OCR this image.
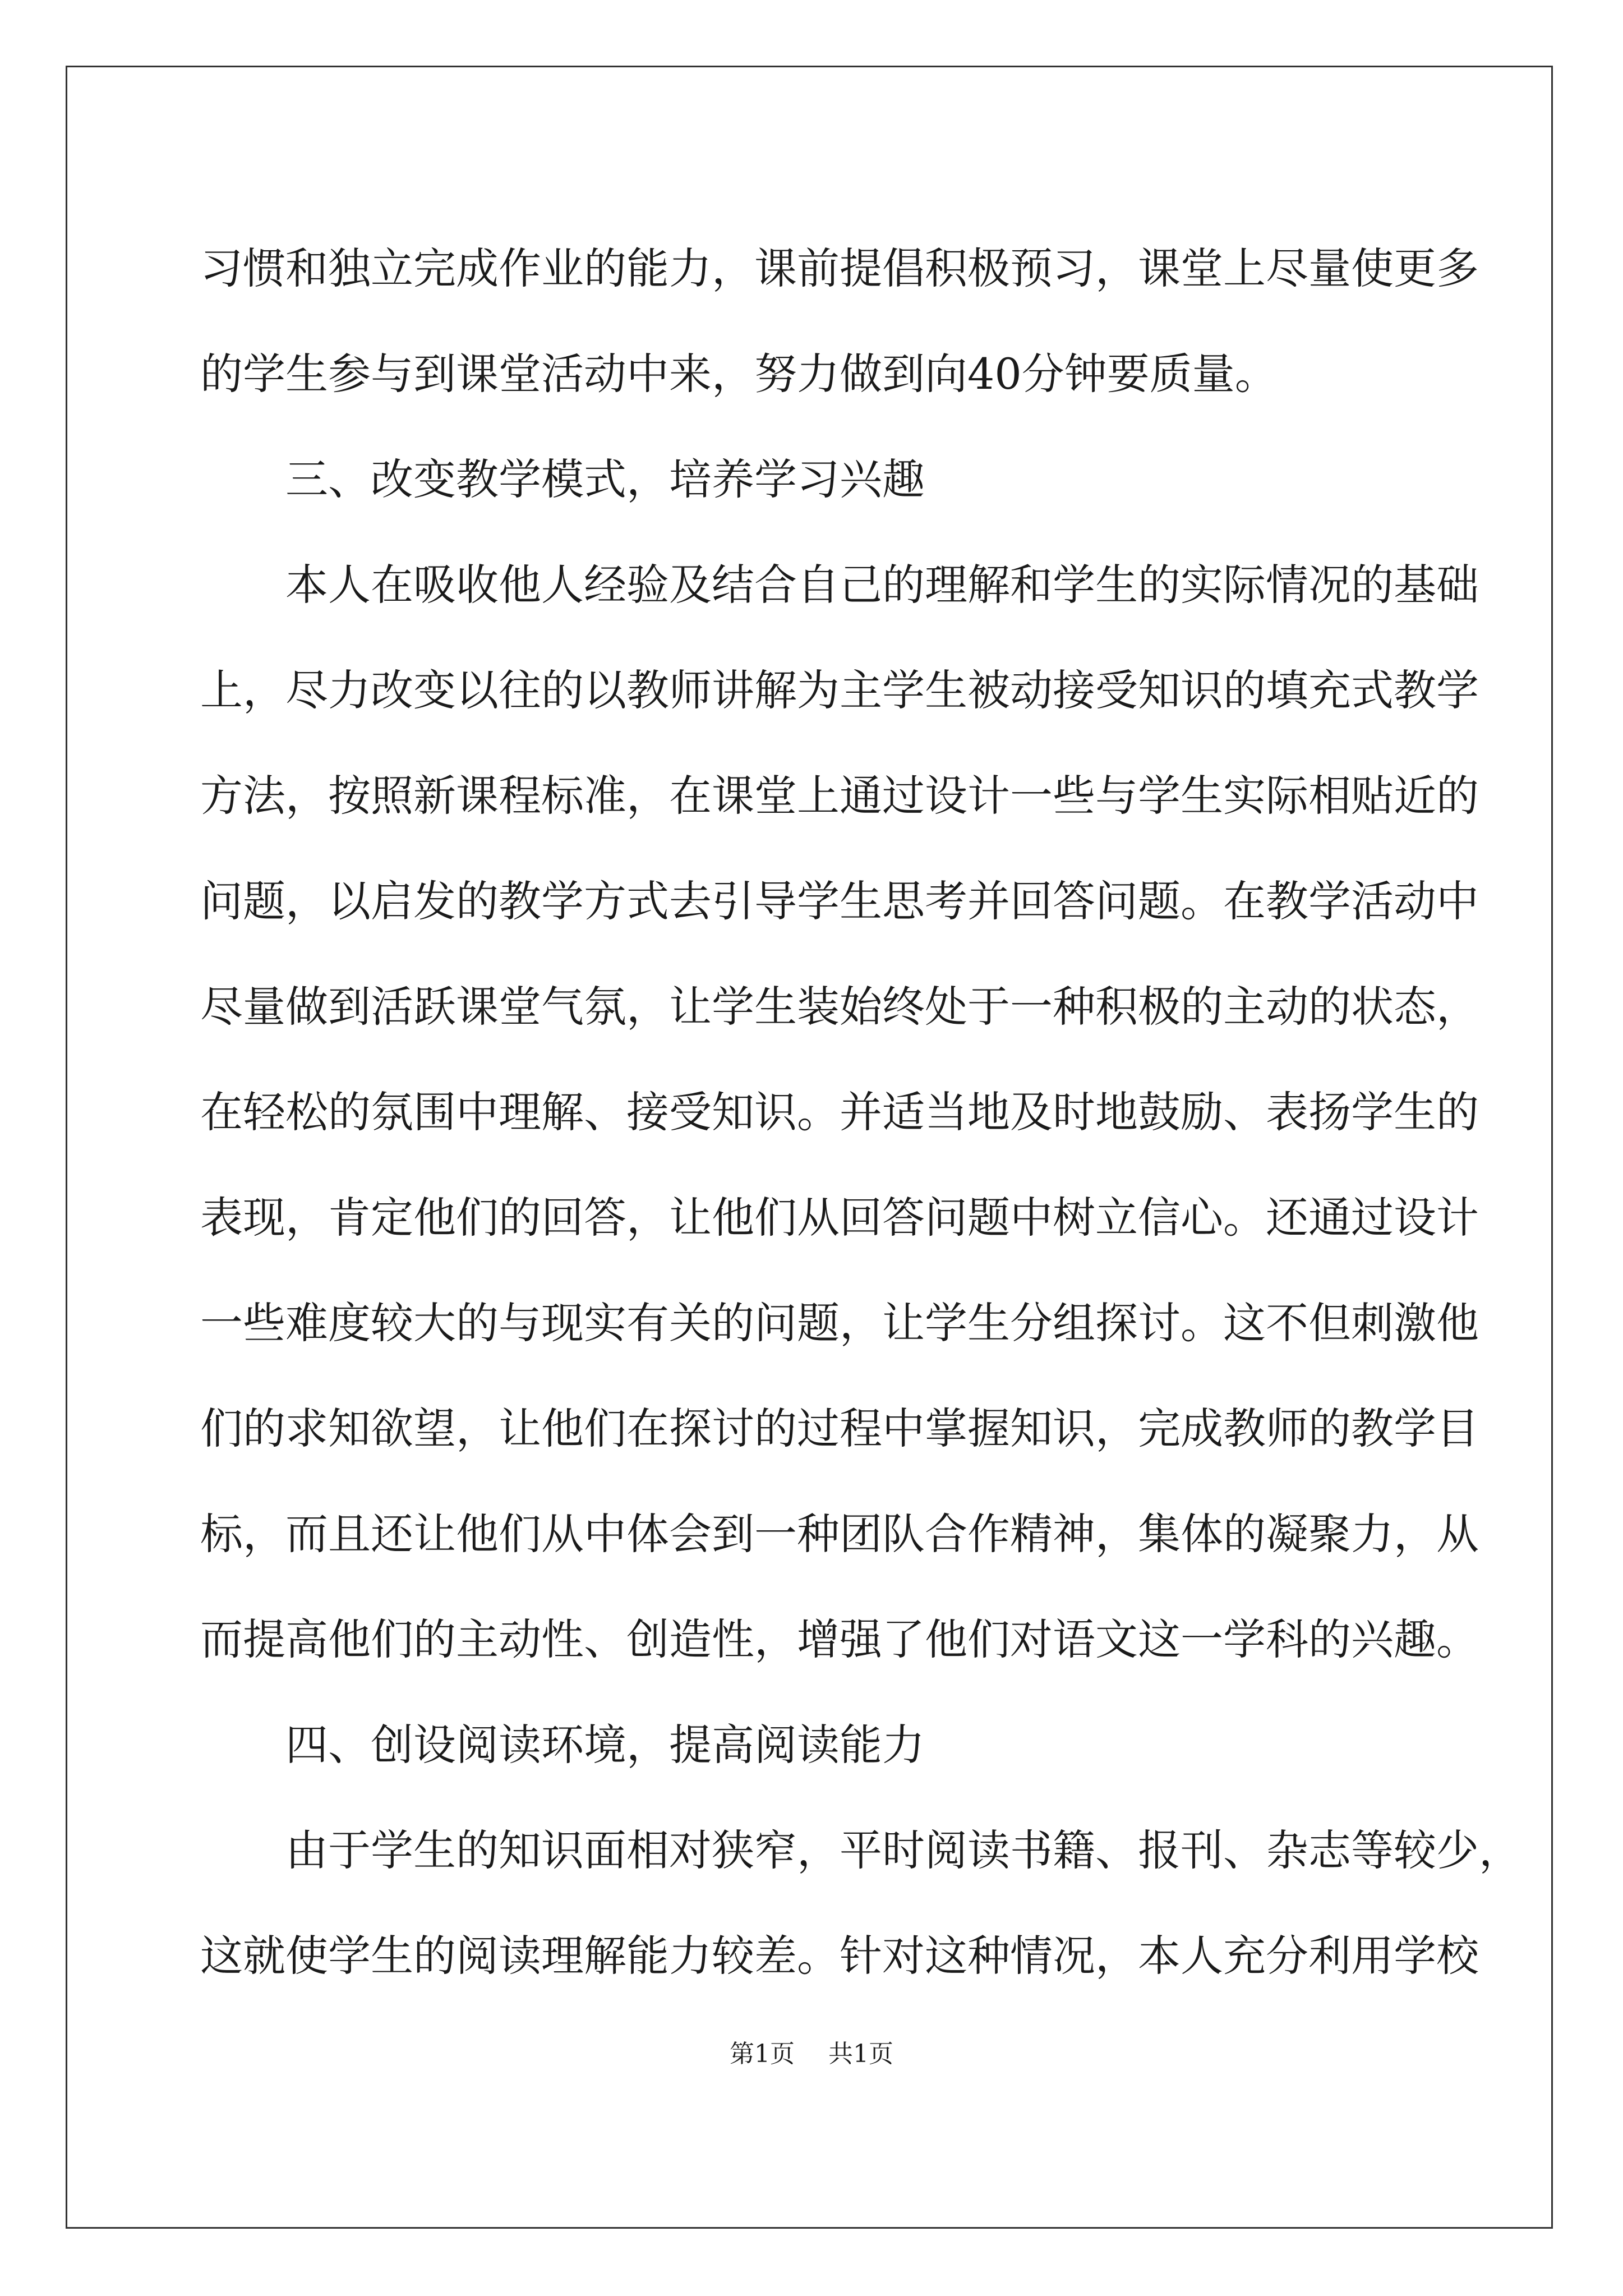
习惯和独立完成作业的能力，课前提倡积极预习，课堂上尽量使更多
的学生参与到课堂活动中来，努力做到向40分钟要质量。
三、改变教学模式，培养学习兴趣
本人在吸收他人经验及结合自己的理解和学生的实际情况的基础
上，尽力改变以往的以教师讲解为主学生被动接受知识的填充式教学
方法，按照新课程标准，在课堂上通过设计一些与学生实际相贴近的
问题，以启发的教学方式去引导学生思考并回答问题。在教学活动中
尽量做到活跃课堂气氛，让学生装始终处于一种积极的主动的状态，
在轻松的氛围中理解、接受知识。并适当地及时地鼓励、表扬学生的
表现，肯定他们的回答，让他们从回答问题中树立信心。还通过设计
一些难度较大的与现实有关的问题，让学生分组探讨。这不但刺激他
们的求知欲望，让他们在探讨的过程中掌握知识，完成教师的教学目
标，而且还让他们从中体会到一种团队合作精神，集体的凝聚力，从
而提高他们的主动性、创造性，增强了他们对语文这一学科的兴趣。
四、创设阅读环境，提高阅读能力
由于学生的知识面相对狭窄，平时阅读书籍、报刊、杂志等较少，
这就使学生的阅读理解能力较差。针对这种情况，本人充分利用学校
第1页 共1页
